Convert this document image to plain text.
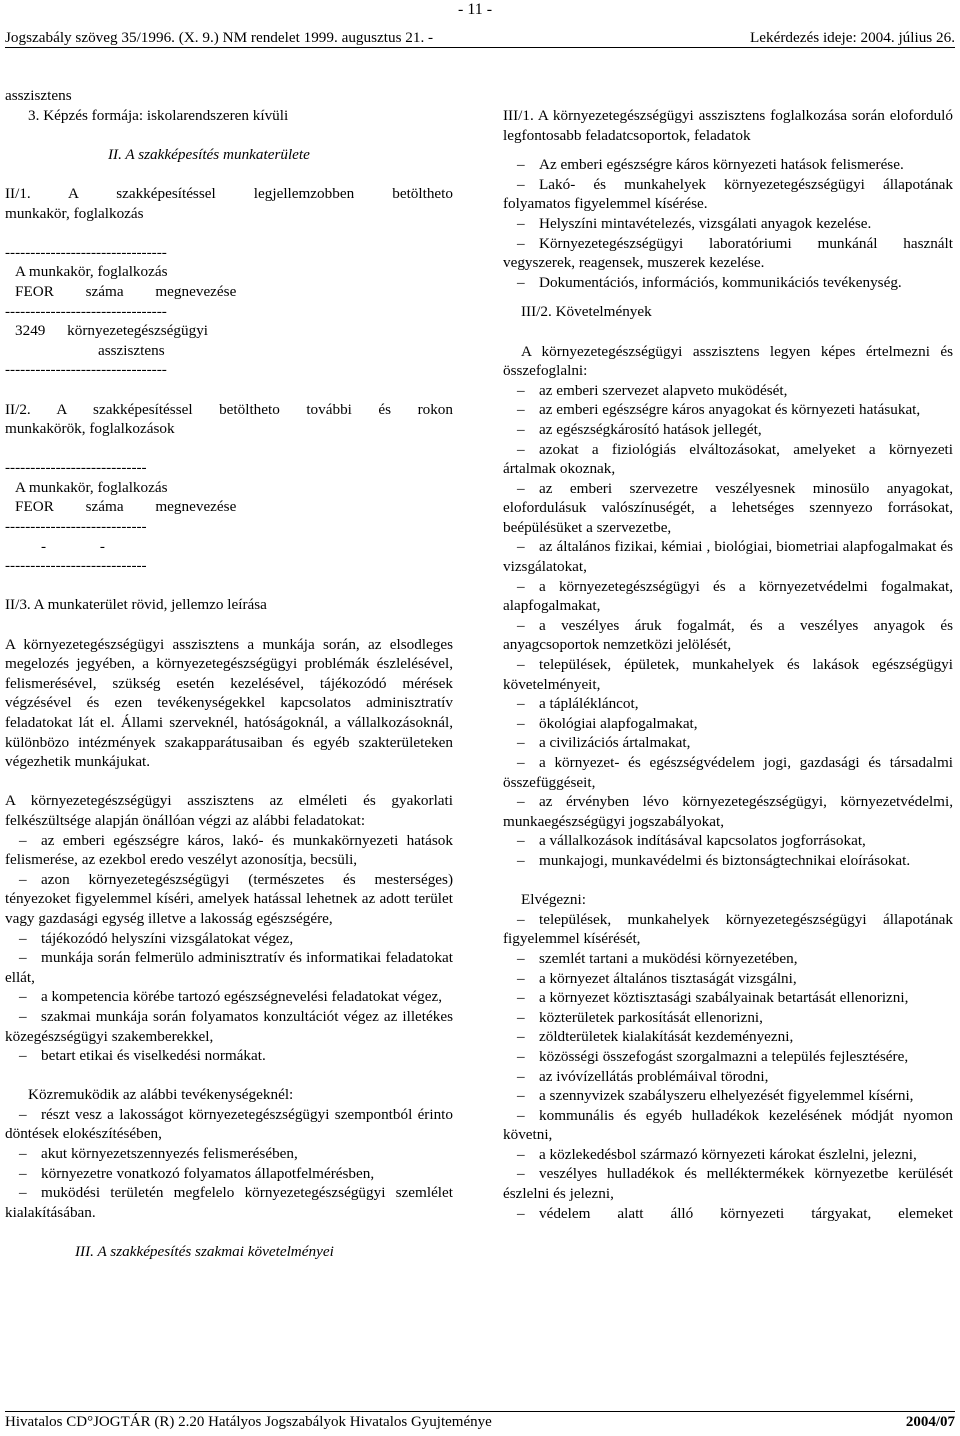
- 11 -
Jogszabály szöveg 35/1996. (X. 9.) NM rendelet 1999. augusztus 21. -	Lekérdezés ideje: 2004. július 26.

asszisztens

3. Képzés formája: iskolarendszeren kívüli

II. A szakképesítés munkaterülete

II/1. A szakképesítéssel legjellemzobben betöltheto

munkakör, foglalkozás

--------------------------------

A munkakör, foglalkozás

FEOR száma megnevezése

--------------------------------

3249 környezetegészségügyi

asszisztens

--------------------------------

II/2. A szakképesítéssel betöltheto további és rokon

munkakörök, foglalkozások

----------------------------

A munkakör, foglalkozás

FEOR száma megnevezése

----------------------------

- -

----------------------------

II/3. A munkaterület rövid, jellemzo leírása

A környezetegészségügyi asszisztens a munkája során, az elsodleges megelozés jegyében, a környezetegészségügyi problémák észlelésével, felismerésével, szükség esetén kezelésével, tájékozódó mérések végzésével és ezen tevékenységekkel kapcsolatos adminisztratív feladatokat lát el. Állami szerveknél, hatóságoknál, a vállalkozásoknál, különbözo intézmények szakapparátusaiban és egyéb szakterületeken végezhetik munkájukat.

A környezetegészségügyi asszisztens az elméleti és gyakorlati felkészültsége alapján önállóan végzi az alábbi feladatokat:

– az emberi egészségre káros, lakó- és munkakörnyezeti hatások felismerése, az ezekbol eredo veszélyt azonosítja, becsüli,

– azon környezetegészségügyi (természetes és mesterséges) tényezoket figyelemmel kíséri, amelyek hatással lehetnek az adott terület vagy gazdasági egység illetve a lakosság egészségére,

– tájékozódó helyszíni vizsgálatokat végez,

– munkája során felmerülo adminisztratív és informatikai feladatokat ellát,

– a kompetencia körébe tartozó egészségnevelési feladatokat végez,

– szakmai munkája során folyamatos konzultációt végez az illetékes közegészségügyi szakemberekkel,

– betart etikai és viselkedési normákat.

Közremuködik az alábbi tevékenységeknél:

– részt vesz a lakosságot környezetegészségügyi szempontból érinto döntések elokészítésében,

– akut környezetszennyezés felismerésében,

– környezetre vonatkozó folyamatos állapotfelmérésben,

– muködési területén megfelelo környezetegészségügyi szemlélet kialakításában.

III. A szakképesítés szakmai követelményei

III/1. A környezetegészségügyi asszisztens foglalkozása során eloforduló legfontosabb feladatcsoportok, feladatok

– Az emberi egészségre káros környezeti hatások felismerése.

– Lakó- és munkahelyek környezetegészségügyi állapotának folyamatos figyelemmel kísérése.

– Helyszíni mintavételezés, vizsgálati anyagok kezelése.

– Környezetegészségügyi laboratóriumi munkánál használt vegyszerek, reagensek, muszerek kezelése.

– Dokumentációs, információs, kommunikációs tevékenység.

III/2. Követelmények

A környezetegészségügyi asszisztens legyen képes értelmezni és összefoglalni:

– az emberi szervezet alapveto muködését,

– az emberi egészségre káros anyagokat és környezeti hatásukat,

– az egészségkárosító hatások jellegét,

– azokat a fiziológiás elváltozásokat, amelyeket a környezeti ártalmak okoznak,

– az emberi szervezetre veszélyesnek minosülo anyagokat, elofordulásuk valószínuségét, a lehetséges szennyezo forrásokat, beépülésüket a szervezetbe,

– az általános fizikai, kémiai , biológiai, biometriai alapfogalmakat és vizsgálatokat,

– a környezetegészségügyi és a környezetvédelmi fogalmakat, alapfogalmakat,

– a veszélyes áruk fogalmát, és a veszélyes anyagok és anyagcsoportok nemzetközi jelölését,

– települések, épületek, munkahelyek és lakások egészségügyi követelményeit,

– a táplálékláncot,

– ökológiai alapfogalmakat,

– a civilizációs ártalmakat,

– a környezet- és egészségvédelem jogi, gazdasági és társadalmi összefüggéseit,

– az érvényben lévo környezetegészségügyi, környezetvédelmi, munkaegészségügyi jogszabályokat,

– a vállalkozások indításával kapcsolatos jogforrásokat,

– munkajogi, munkavédelmi és biztonságtechnikai eloírásokat.

Elvégezni:

– települések, munkahelyek környezetegészségügyi állapotának figyelemmel kísérését,

– szemlét tartani a muködési környezetében,

– a környezet általános tisztaságát vizsgálni,

– a környezet köztisztasági szabályainak betartását ellenorizni,

– közterületek parkosítását ellenorizni,

– zöldterületek kialakítását kezdeményezni,

– közösségi összefogást szorgalmazni a település fejlesztésére,

– az ivóvízellátás problémáival törodni,

– a szennyvizek szabályszeru elhelyezését figyelemmel kísérni,

– kommunális és egyéb hulladékok kezelésének módját nyomon követni,

– a közlekedésbol származó környezeti károkat észlelni, jelezni,

– veszélyes hulladékok és melléktermékek környezetbe kerülését észlelni és jelezni,

– védelem alatt álló környezeti tárgyakat, elemeket

Hivatalos CD°JOGTÁR (R) 2.20 Hatályos Jogszabályok Hivatalos Gyujteménye	2004/07
